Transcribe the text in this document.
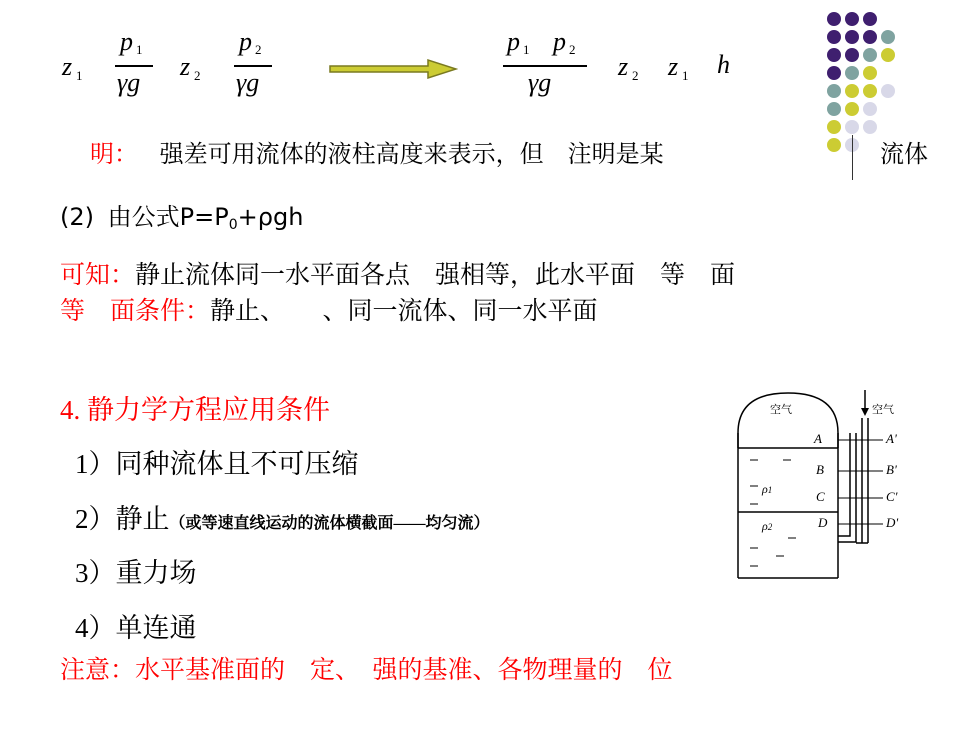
z 1
p 1
γg
z 2
p 2
γg
p 1 p 2
γg
z 2 z 1 h
明： 强差可用流体的液柱高度来表示，但　注明是某	流体
(2) 由公式P=P0+ρgh
可知：静止流体同一水平面各点　强相等，此水平面　等　面
等　面条件：静止、　　、同一流体、同一水平面
4. 静力学方程应用条件
1）同种流体且不可压缩
2）静止（或等速直线运动的流体横截面——均匀流）
3）重力场
4）单连通
注意：水平基准面的　定、　强的基准、各物理量的　位
空气	空气
A
B
C
D
A'
B'
C'
D'
ρ1
ρ2
